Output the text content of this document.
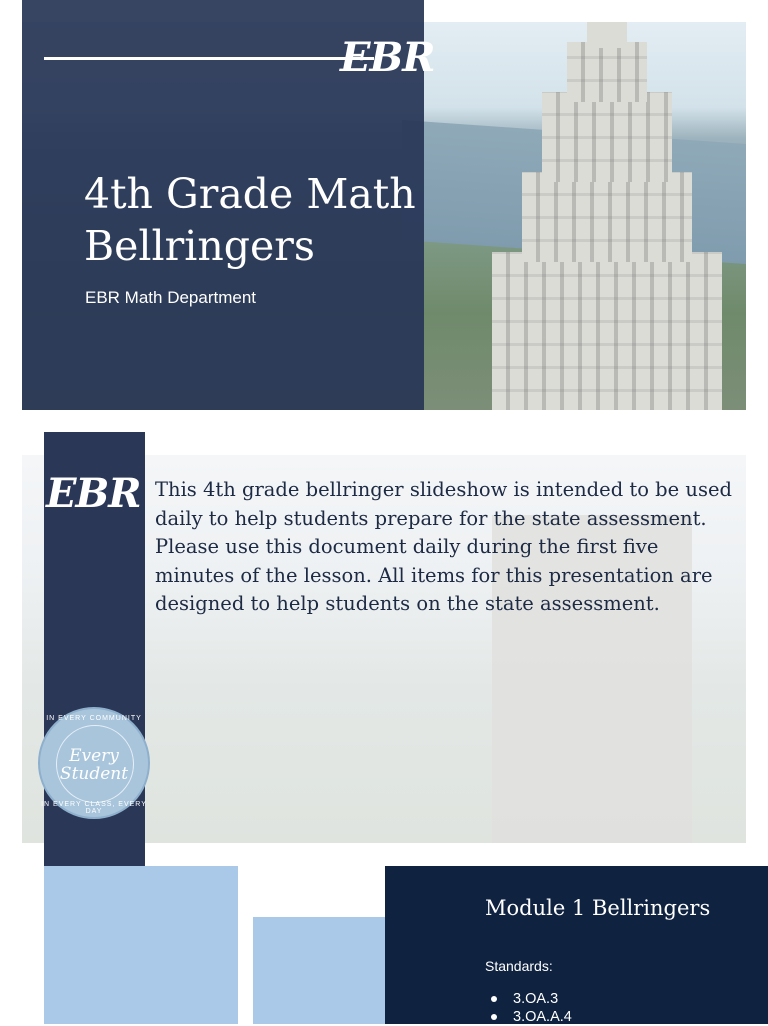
4th Grade Math Bellringers

EBR Math Department

EBR
EBR This 4th grade bellringer slideshow is intended to be used daily to help students prepare for the state assessment. Please use this document daily during the first five minutes of the lesson. All items for this presentation are designed to help students on the state assessment.

IN EVERY COMMUNITY
Every Student
IN EVERY CLASS, EVERY DAY
Module 1 Bellringers

Standards:

3.OA.3
3.OA.A.4
